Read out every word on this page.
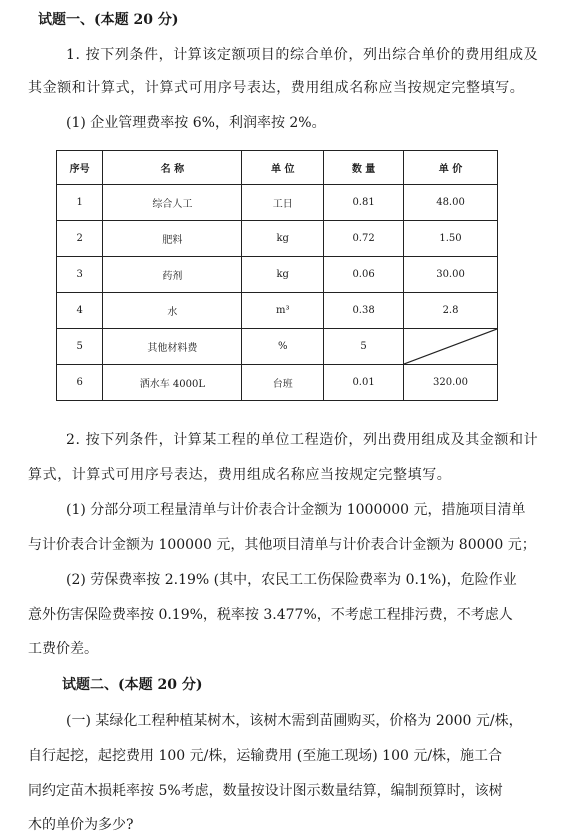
试题一、(本题 20 分)
1. 按下列条件，计算该定额项目的综合单价，列出综合单价的费用组成及
其金额和计算式，计算式可用序号表达，费用组成名称应当按规定完整填写。
(1) 企业管理费率按 6%，利润率按 2%。
序号	名 称	单 位	数 量	单 价
1	综合人工	工日	0.81	48.00
2	肥料	kg	0.72	1.50
3	药剂	kg	0.06	30.00
4	水	m³	0.38	2.8
5	其他材料费	%	5	

6	洒水车 4000L	台班	0.01	320.00
2. 按下列条件，计算某工程的单位工程造价，列出费用组成及其金额和计
算式，计算式可用序号表达，费用组成名称应当按规定完整填写。
(1) 分部分项工程量清单与计价表合计金额为 1000000 元，措施项目清单
与计价表合计金额为 100000 元，其他项目清单与计价表合计金额为 80000 元；
(2) 劳保费率按 2.19% (其中，农民工工伤保险费率为 0.1%)，危险作业
意外伤害保险费率按 0.19%，税率按 3.477%，不考虑工程排污费，不考虑人
工费价差。
试题二、(本题 20 分)
(一) 某绿化工程种植某树木，该树木需到苗圃购买，价格为 2000 元/株，
自行起挖，起挖费用 100 元/株，运输费用 (至施工现场) 100 元/株，施工合
同约定苗木损耗率按 5%考虑，数量按设计图示数量结算，编制预算时，该树
木的单价为多少?
